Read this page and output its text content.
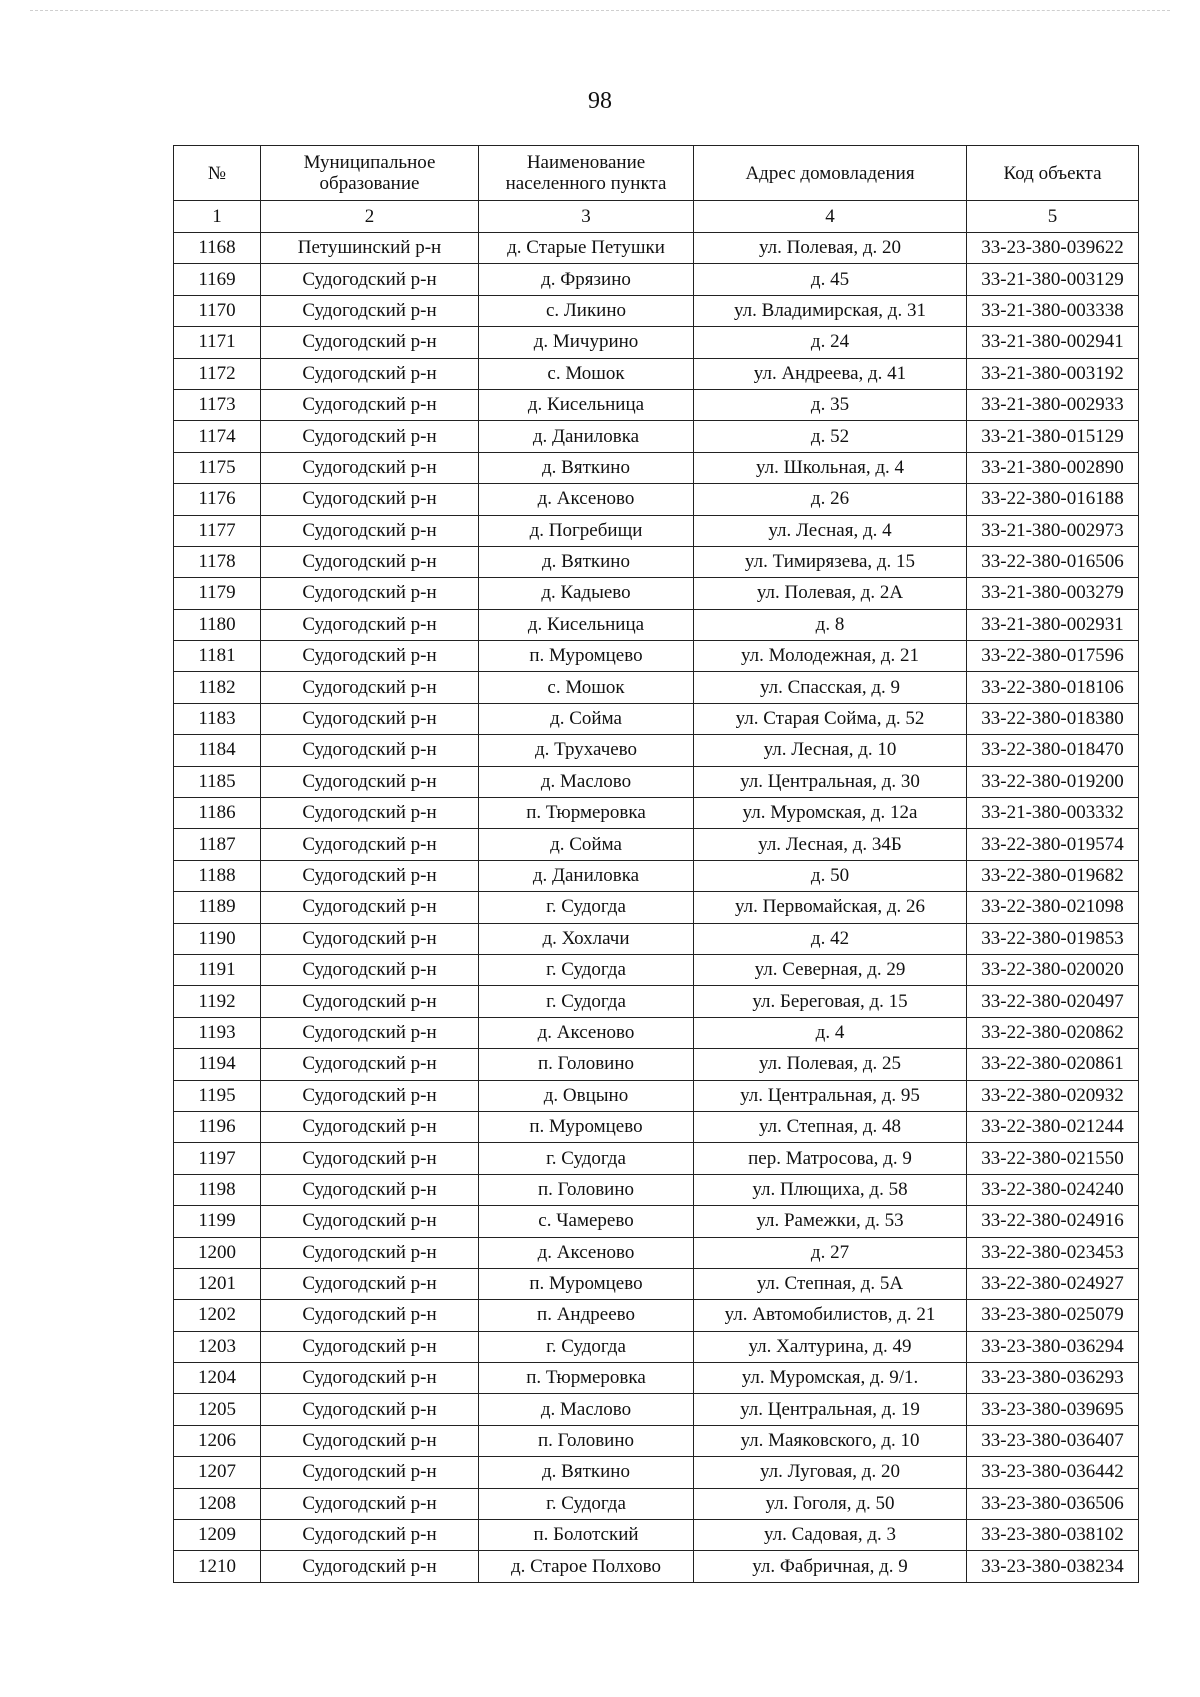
98
№	Муниципальное образование	Наименование населенного пункта	Адрес домовладения	Код объекта
1	2	3	4	5
1168	Петушинский р-н	д. Старые Петушки	ул. Полевая, д. 20	33-23-380-039622
1169	Судогодский р-н	д. Фрязино	д. 45	33-21-380-003129
1170	Судогодский р-н	с. Ликино	ул. Владимирская, д. 31	33-21-380-003338
1171	Судогодский р-н	д. Мичурино	д. 24	33-21-380-002941
1172	Судогодский р-н	с. Мошок	ул. Андреева, д. 41	33-21-380-003192
1173	Судогодский р-н	д. Кисельница	д. 35	33-21-380-002933
1174	Судогодский р-н	д. Даниловка	д. 52	33-21-380-015129
1175	Судогодский р-н	д. Вяткино	ул. Школьная, д. 4	33-21-380-002890
1176	Судогодский р-н	д. Аксеново	д. 26	33-22-380-016188
1177	Судогодский р-н	д. Погребищи	ул. Лесная, д. 4	33-21-380-002973
1178	Судогодский р-н	д. Вяткино	ул. Тимирязева, д. 15	33-22-380-016506
1179	Судогодский р-н	д. Кадыево	ул. Полевая, д. 2А	33-21-380-003279
1180	Судогодский р-н	д. Кисельница	д. 8	33-21-380-002931
1181	Судогодский р-н	п. Муромцево	ул. Молодежная, д. 21	33-22-380-017596
1182	Судогодский р-н	с. Мошок	ул. Спасская, д. 9	33-22-380-018106
1183	Судогодский р-н	д. Сойма	ул. Старая Сойма, д. 52	33-22-380-018380
1184	Судогодский р-н	д. Трухачево	ул. Лесная, д. 10	33-22-380-018470
1185	Судогодский р-н	д. Маслово	ул. Центральная, д. 30	33-22-380-019200
1186	Судогодский р-н	п. Тюрмеровка	ул. Муромская, д. 12а	33-21-380-003332
1187	Судогодский р-н	д. Сойма	ул. Лесная, д. 34Б	33-22-380-019574
1188	Судогодский р-н	д. Даниловка	д. 50	33-22-380-019682
1189	Судогодский р-н	г. Судогда	ул. Первомайская, д. 26	33-22-380-021098
1190	Судогодский р-н	д. Хохлачи	д. 42	33-22-380-019853
1191	Судогодский р-н	г. Судогда	ул. Северная, д. 29	33-22-380-020020
1192	Судогодский р-н	г. Судогда	ул. Береговая, д. 15	33-22-380-020497
1193	Судогодский р-н	д. Аксеново	д. 4	33-22-380-020862
1194	Судогодский р-н	п. Головино	ул. Полевая, д. 25	33-22-380-020861
1195	Судогодский р-н	д. Овцыно	ул. Центральная, д. 95	33-22-380-020932
1196	Судогодский р-н	п. Муромцево	ул. Степная, д. 48	33-22-380-021244
1197	Судогодский р-н	г. Судогда	пер. Матросова, д. 9	33-22-380-021550
1198	Судогодский р-н	п. Головино	ул. Плющиха, д. 58	33-22-380-024240
1199	Судогодский р-н	с. Чамерево	ул. Рамежки, д. 53	33-22-380-024916
1200	Судогодский р-н	д. Аксеново	д. 27	33-22-380-023453
1201	Судогодский р-н	п. Муромцево	ул. Степная, д. 5А	33-22-380-024927
1202	Судогодский р-н	п. Андреево	ул. Автомобилистов, д. 21	33-23-380-025079
1203	Судогодский р-н	г. Судогда	ул. Халтурина, д. 49	33-23-380-036294
1204	Судогодский р-н	п. Тюрмеровка	ул. Муромская, д. 9/1.	33-23-380-036293
1205	Судогодский р-н	д. Маслово	ул. Центральная, д. 19	33-23-380-039695
1206	Судогодский р-н	п. Головино	ул. Маяковского, д. 10	33-23-380-036407
1207	Судогодский р-н	д. Вяткино	ул. Луговая, д. 20	33-23-380-036442
1208	Судогодский р-н	г. Судогда	ул. Гоголя, д. 50	33-23-380-036506
1209	Судогодский р-н	п. Болотский	ул. Садовая, д. 3	33-23-380-038102
1210	Судогодский р-н	д. Старое Полхово	ул. Фабричная, д. 9	33-23-380-038234
